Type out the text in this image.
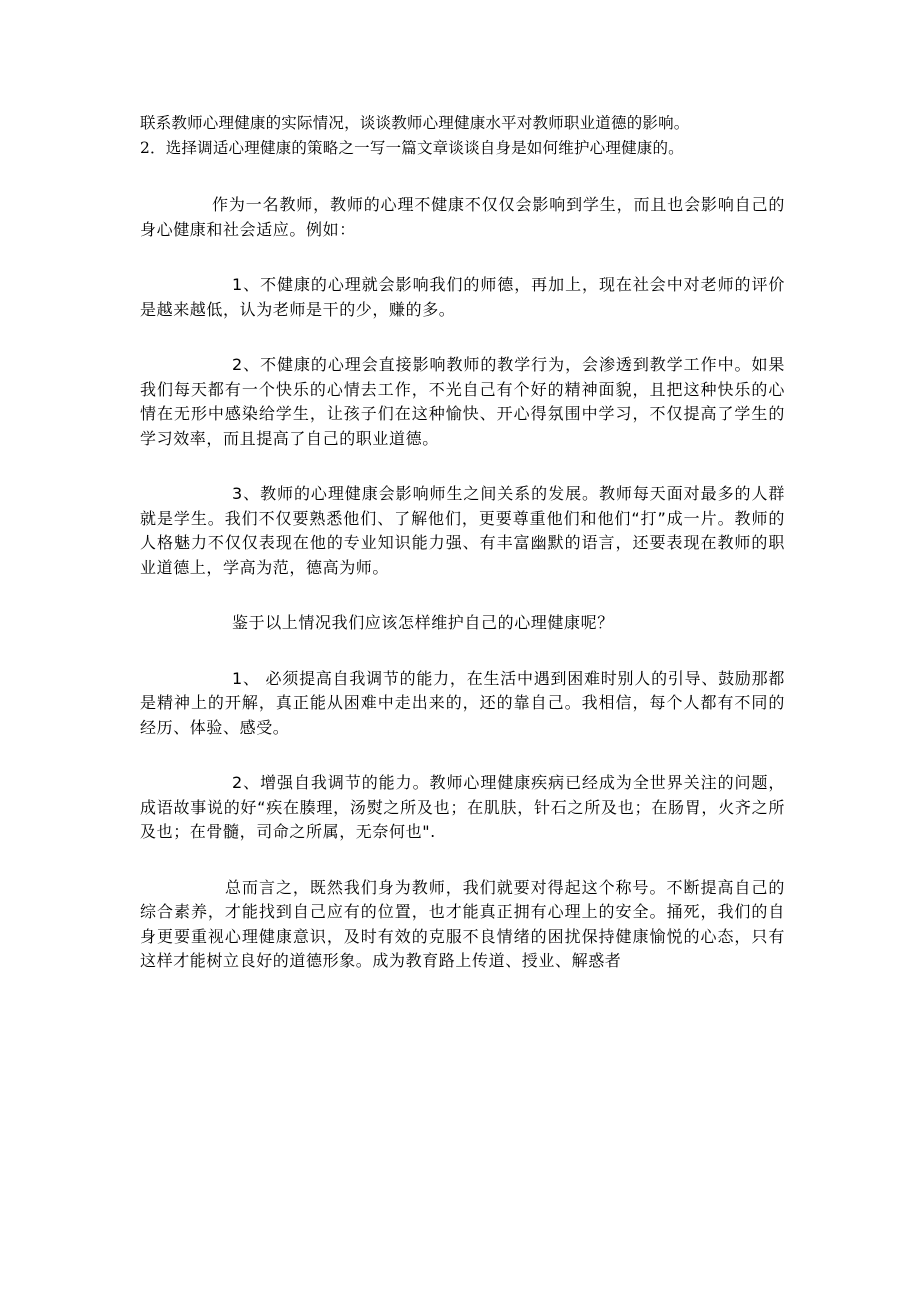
联系教师心理健康的实际情况，谈谈教师心理健康水平对教师职业道德的影响。
2．选择调适心理健康的策略之一写一篇文章谈谈自身是如何维护心理健康的。

作为一名教师，教师的心理不健康不仅仅会影响到学生，而且也会影响自己的身心健康和社会适应。例如：

1、不健康的心理就会影响我们的师德，再加上，现在社会中对老师的评价是越来越低，认为老师是干的少，赚的多。

2、不健康的心理会直接影响教师的教学行为，会渗透到教学工作中。如果我们每天都有一个快乐的心情去工作，不光自己有个好的精神面貌，且把这种快乐的心情在无形中感染给学生，让孩子们在这种愉快、开心得氛围中学习，不仅提高了学生的学习效率，而且提高了自己的职业道德。

3、教师的心理健康会影响师生之间关系的发展。教师每天面对最多的人群就是学生。我们不仅要熟悉他们、了解他们，更要尊重他们和他们“打”成一片。教师的人格魅力不仅仅表现在他的专业知识能力强、有丰富幽默的语言，还要表现在教师的职业道德上，学高为范，德高为师。

鉴于以上情况我们应该怎样维护自己的心理健康呢？

1、 必须提高自我调节的能力，在生活中遇到困难时别人的引导、鼓励那都是精神上的开解，真正能从困难中走出来的，还的靠自己。我相信，每个人都有不同的经历、体验、感受。

2、增强自我调节的能力。教师心理健康疾病已经成为全世界关注的问题，成语故事说的好“疾在腠理，汤熨之所及也；在肌肤，针石之所及也；在肠胃，火齐之所及也；在骨髓，司命之所属，无奈何也".

总而言之，既然我们身为教师，我们就要对得起这个称号。不断提高自己的综合素养，才能找到自己应有的位置，也才能真正拥有心理上的安全。捅死，我们的自身更要重视心理健康意识，及时有效的克服不良情绪的困扰保持健康愉悦的心态，只有这样才能树立良好的道德形象。成为教育路上传道、授业、解惑者
